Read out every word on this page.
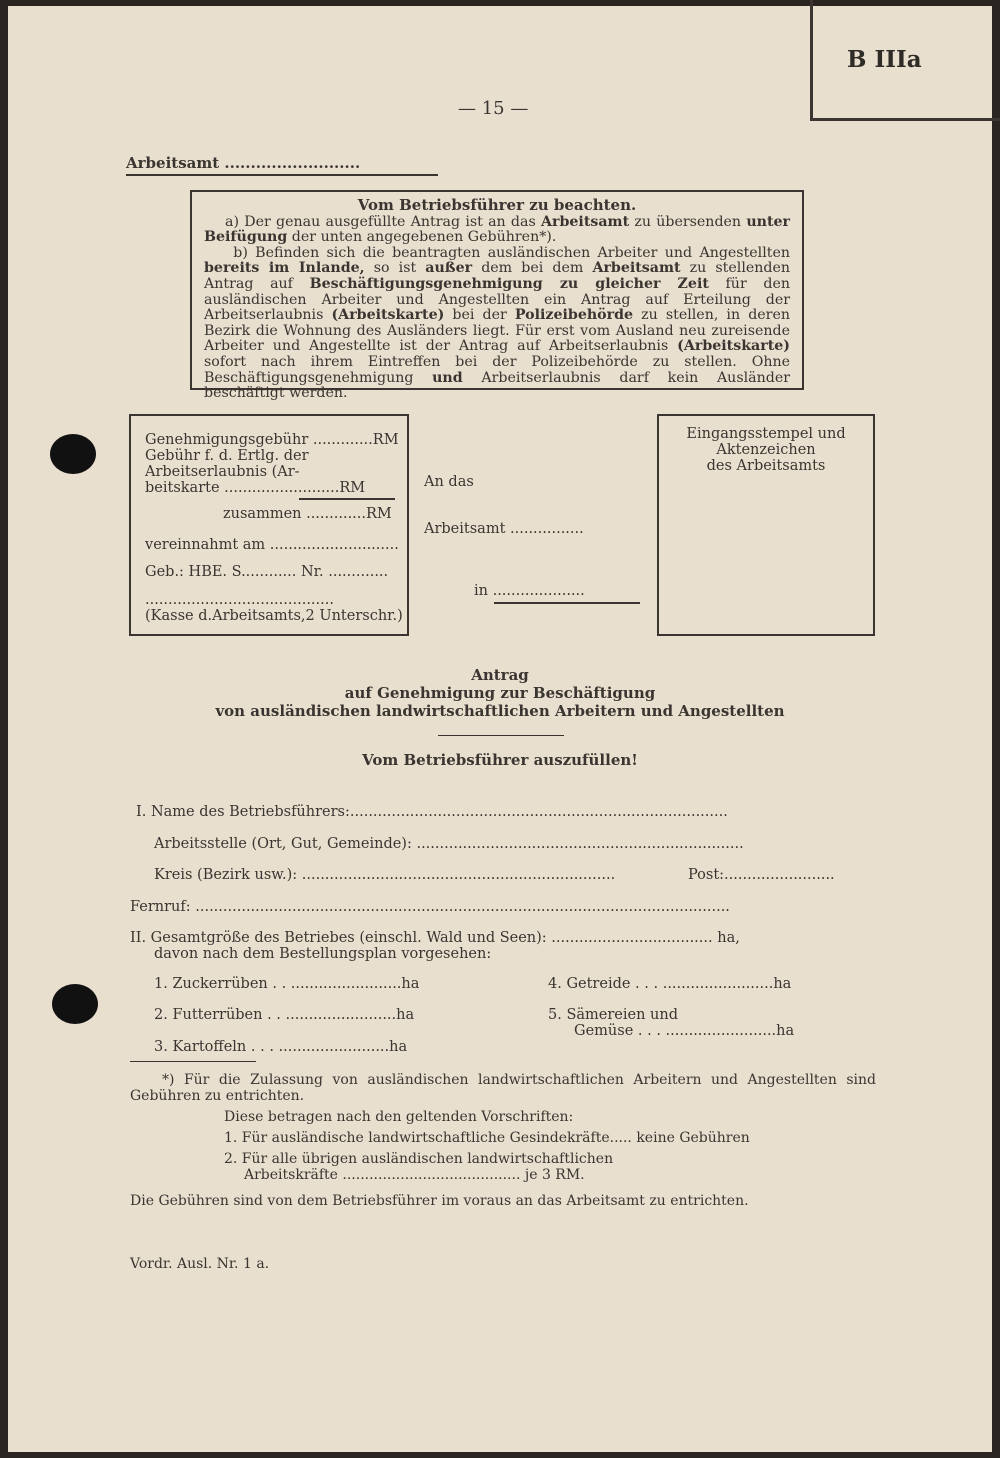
B IIIa
— 15 —
Arbeitsamt ..........................

Vom Betriebsführer zu beachten.

a) Der genau ausgefüllte Antrag ist an das Arbeitsamt zu übersenden unter Beifügung der unten angegebenen Gebühren*).

b) Befinden sich die beantragten ausländischen Arbeiter und Angestellten bereits im Inlande, so ist außer dem bei dem Arbeitsamt zu stellenden Antrag auf Beschäftigungsgenehmigung zu gleicher Zeit für den ausländischen Arbeiter und Angestellten ein Antrag auf Erteilung der Arbeitserlaubnis (Arbeitskarte) bei der Polizeibehörde zu stellen, in deren Bezirk die Wohnung des Ausländers liegt. Für erst vom Ausland neu zureisende Arbeiter und Angestellte ist der Antrag auf Arbeitserlaubnis (Arbeitskarte) sofort nach ihrem Eintreffen bei der Polizeibehörde zu stellen. Ohne Beschäftigungsgenehmigung und Arbeitserlaubnis darf kein Ausländer beschäftigt werden.

Genehmigungsgebühr .............RM
Gebühr f. d. Ertlg. der
Arbeitserlaubnis (Ar-
beitskarte .........................RM
zusammen .............RM
vereinnahmt am ............................
Geb.: HBE. S............ Nr. .............
.........................................
(Kasse d.Arbeitsamts,2 Unterschr.)
An das
Arbeitsamt ................
in ....................
Eingangsstempel und
Aktenzeichen
des Arbeitsamts
Antrag
auf Genehmigung zur Beschäftigung
von ausländischen landwirtschaftlichen Arbeitern und Angestellten
Vom Betriebsführer auszufüllen!
I. Name des Betriebsführers:..................................................................................
Arbeitsstelle (Ort, Gut, Gemeinde): .......................................................................
Kreis (Bezirk usw.): ....................................................................	Post:........................
Fernruf: ....................................................................................................................
II. Gesamtgröße des Betriebes (einschl. Wald und Seen): ................................... ha,
davon nach dem Bestellungsplan vorgesehen:
1. Zuckerrüben . . ........................ha
2. Futterrüben . . ........................ha
3. Kartoffeln . . . ........................ha
4. Getreide . . . ........................ha
5. Sämereien und
Gemüse . . . ........................ha
*) Für die Zulassung von ausländischen landwirtschaftlichen Arbeitern und Angestellten sind Gebühren zu entrichten.
Diese betragen nach den geltenden Vorschriften:
1. Für ausländische landwirtschaftliche Gesindekräfte..... keine Gebühren
2. Für alle übrigen ausländischen landwirtschaftlichen
Arbeitskräfte ........................................ je 3 RM.
Die Gebühren sind von dem Betriebsführer im voraus an das Arbeitsamt zu entrichten.
Vordr. Ausl. Nr. 1 a.
